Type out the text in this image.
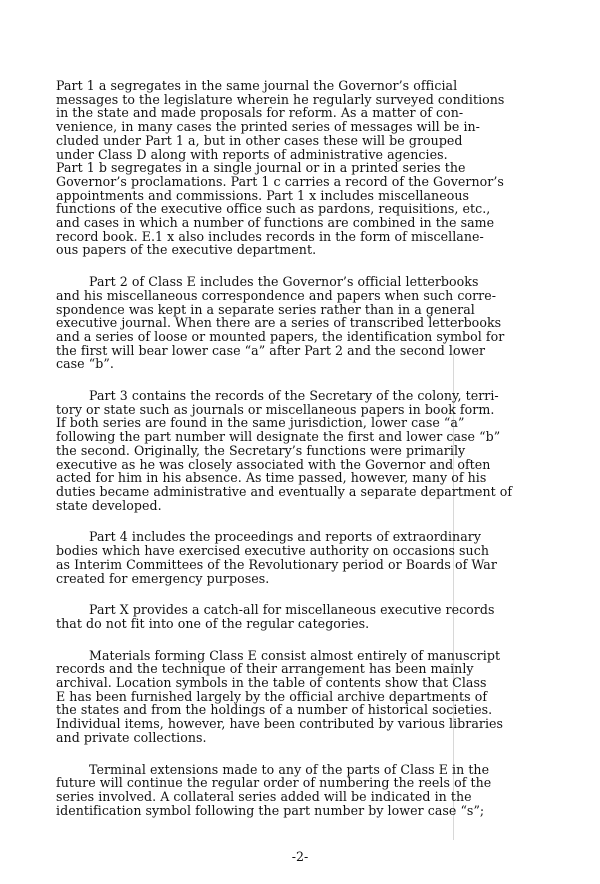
Part 1 a segregates in the same journal the Governor’s official
messages to the legislature wherein he regularly surveyed conditions
in the state and made proposals for reform. As a matter of con-
venience, in many cases the printed series of messages will be in-
cluded under Part 1 a, but in other cases these will be grouped
under Class D along with reports of administrative agencies.
Part 1 b segregates in a single journal or in a printed series the
Governor’s proclamations. Part 1 c carries a record of the Governor’s
appointments and commissions. Part 1 x includes miscellaneous
functions of the executive office such as pardons, requisitions, etc.,
and cases in which a number of functions are combined in the same
record book. E.1 x also includes records in the form of miscellane-
ous papers of the executive department.

Part 2 of Class E includes the Governor’s official letterbooks
and his miscellaneous correspondence and papers when such corre-
spondence was kept in a separate series rather than in a general
executive journal. When there are a series of transcribed letterbooks
and a series of loose or mounted papers, the identification symbol for
the first will bear lower case “a” after Part 2 and the second lower
case “b”.

Part 3 contains the records of the Secretary of the colony, terri-
tory or state such as journals or miscellaneous papers in book form.
If both series are found in the same jurisdiction, lower case “a”
following the part number will designate the first and lower case “b”
the second. Originally, the Secretary’s functions were primarily
executive as he was closely associated with the Governor and often
acted for him in his absence. As time passed, however, many of his
duties became administrative and eventually a separate department of
state developed.

Part 4 includes the proceedings and reports of extraordinary
bodies which have exercised executive authority on occasions such
as Interim Committees of the Revolutionary period or Boards of War
created for emergency purposes.

Part X provides a catch-all for miscellaneous executive records
that do not fit into one of the regular categories.

Materials forming Class E consist almost entirely of manuscript
records and the technique of their arrangement has been mainly
archival. Location symbols in the table of contents show that Class
E has been furnished largely by the official archive departments of
the states and from the holdings of a number of historical societies.
Individual items, however, have been contributed by various libraries
and private collections.

Terminal extensions made to any of the parts of Class E in the
future will continue the regular order of numbering the reels of the
series involved. A collateral series added will be indicated in the
identification symbol following the part number by lower case “s”;

-2-
